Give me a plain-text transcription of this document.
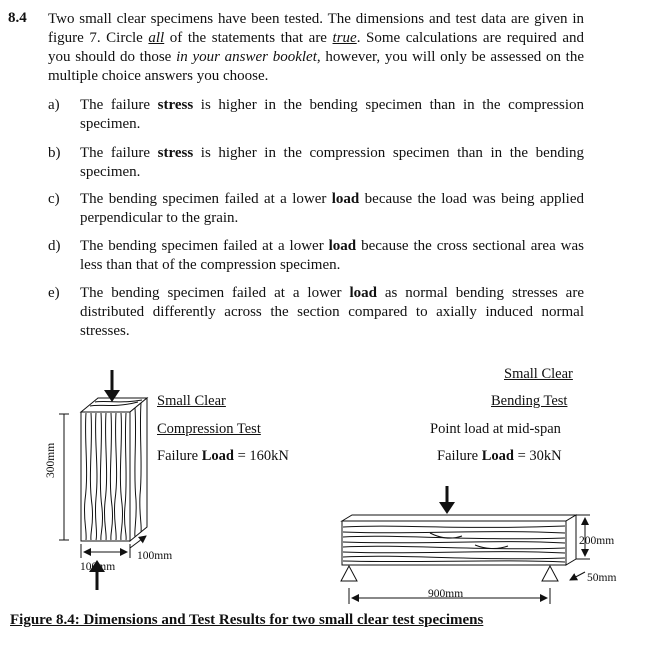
8.4 Two small clear specimens have been tested. The dimensions and test data are given in figure 7. Circle all of the statements that are true. Some calculations are required and you should do those in your answer booklet, however, you will only be assessed on the multiple choice answers you choose.
a) The failure stress is higher in the bending specimen than in the compression specimen.
b) The failure stress is higher in the compression specimen than in the bending specimen.
c) The bending specimen failed at a lower load because the load was being applied perpendicular to the grain.
d) The bending specimen failed at a lower load because the cross sectional area was less than that of the compression specimen.
e) The bending specimen failed at a lower load as normal bending stresses are distributed differently across the section compared to axially induced normal stresses.
Small Clear
Compression Test
Failure Load = 160kN
300mm
100mm
100mm
Small Clear
Bending Test
Point load at mid-span
Failure Load = 30kN
200mm
50mm
900mm
Figure 8.4: Dimensions and Test Results for two small clear test specimens
